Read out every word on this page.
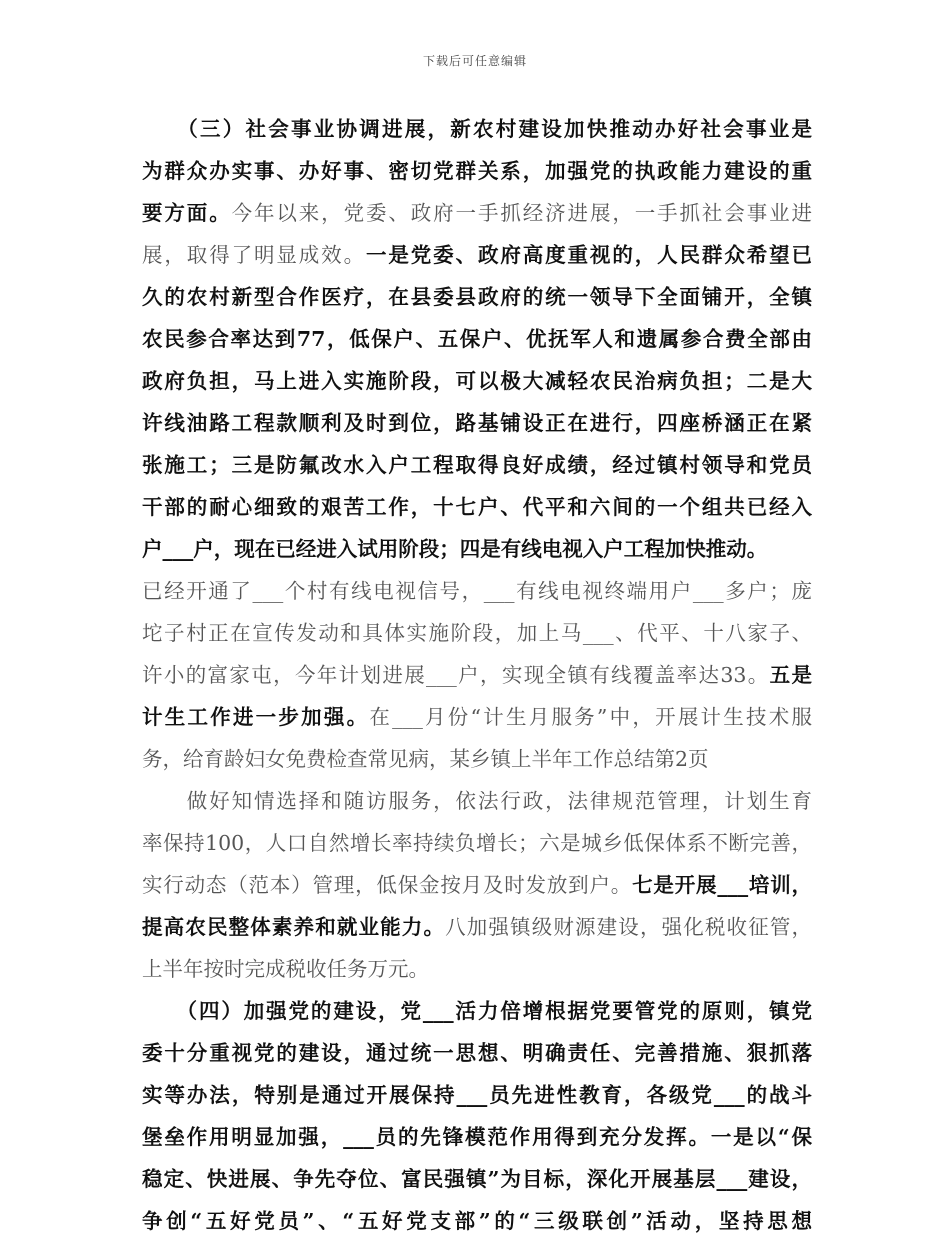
下载后可任意编辑
　　（三）社会事业协调进展，新农村建设加快推动办好社会事业是
为群众办实事、办好事、密切党群关系，加强党的执政能力建设的重
要方面。今年以来，党委、政府一手抓经济进展，一手抓社会事业进
展，取得了明显成效。一是党委、政府高度重视的，人民群众希望已
久的农村新型合作医疗，在县委县政府的统一领导下全面铺开，全镇
农民参合率达到77，低保户、五保户、优抚军人和遗属参合费全部由
政府负担，马上进入实施阶段，可以极大减轻农民治病负担；二是大
许线油路工程款顺利及时到位，路基铺设正在进行，四座桥涵正在紧
张施工；三是防氟改水入户工程取得良好成绩，经过镇村领导和党员
干部的耐心细致的艰苦工作，十七户、代平和六间的一个组共已经入
户___户，现在已经进入试用阶段；四是有线电视入户工程加快推动。
已经开通了___个村有线电视信号，___有线电视终端用户___多户；庞
坨子村正在宣传发动和具体实施阶段，加上马___、代平、十八家子、
许小的富家屯，今年计划进展___户，实现全镇有线覆盖率达33。五是
计生工作进一步加强。在___月份“计生月服务”中，开展计生技术服
务，给育龄妇女免费检查常见病，某乡镇上半年工作总结第2页
　　做好知情选择和随访服务，依法行政，法律规范管理，计划生育
率保持100，人口自然增长率持续负增长；六是城乡低保体系不断完善，
实行动态（范本）管理，低保金按月及时发放到户。七是开展___培训，
提高农民整体素养和就业能力。八加强镇级财源建设，强化税收征管，
上半年按时完成税收任务万元。
　　（四）加强党的建设，党___活力倍增根据党要管党的原则，镇党
委十分重视党的建设，通过统一思想、明确责任、完善措施、狠抓落
实等办法，特别是通过开展保持___员先进性教育，各级党___的战斗
堡垒作用明显加强，___员的先锋模范作用得到充分发挥。一是以“保
稳定、快进展、争先夺位、富民强镇”为目标，深化开展基层___建设，
争创“五好党员”、“五好党支部”的“三级联创”活动，坚持思想
